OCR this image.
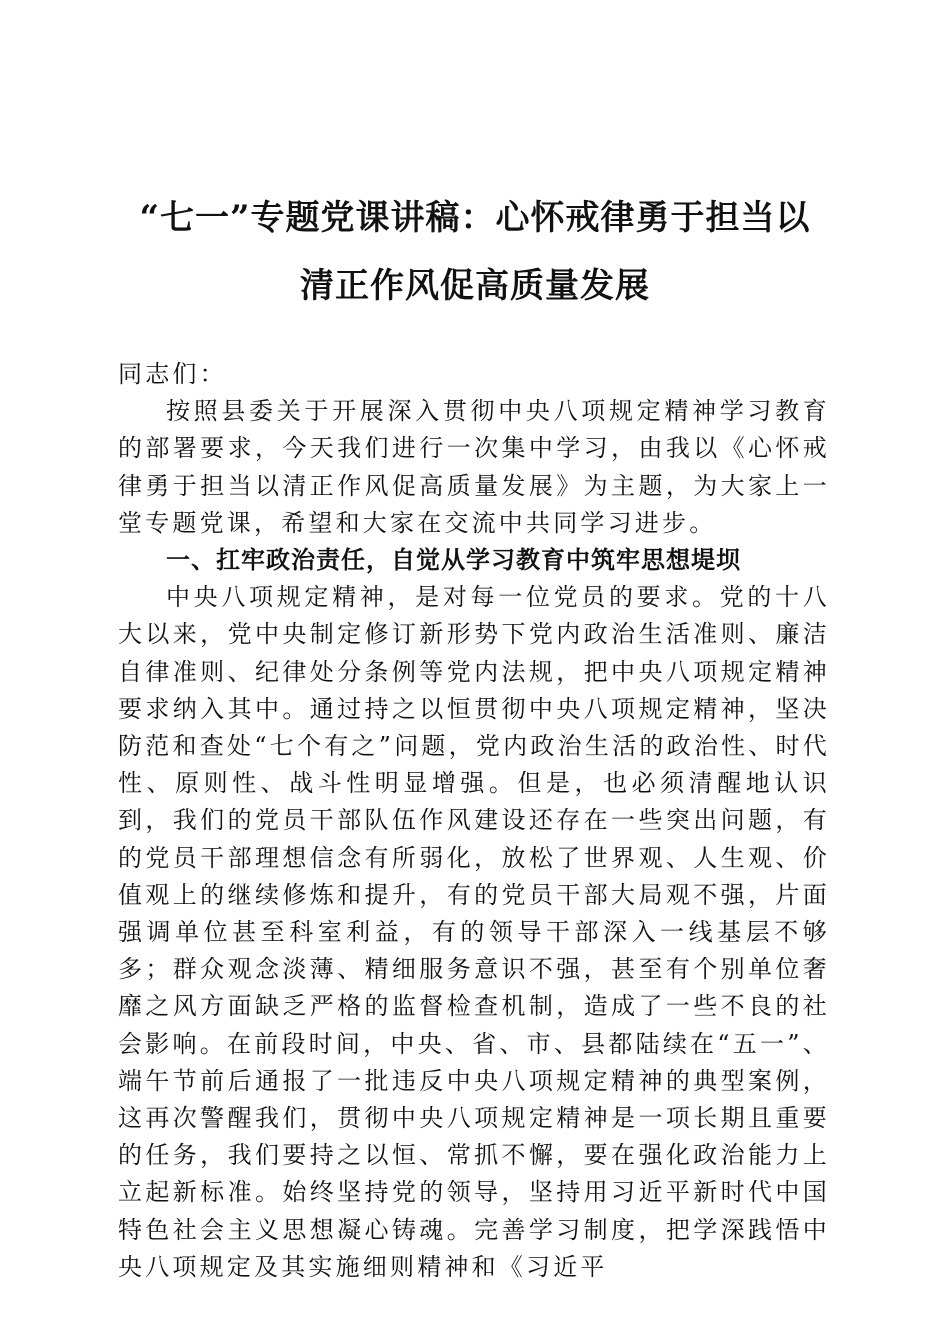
“七一”专题党课讲稿：心怀戒律勇于担当以
清正作风促高质量发展

同志们：

按照县委关于开展深入贯彻中央八项规定精神学习教育的部署要求，今天我们进行一次集中学习，由我以《心怀戒律勇于担当以清正作风促高质量发展》为主题，为大家上一堂专题党课，希望和大家在交流中共同学习进步。

一、扛牢政治责任，自觉从学习教育中筑牢思想堤坝

中央八项规定精神，是对每一位党员的要求。党的十八大以来，党中央制定修订新形势下党内政治生活准则、廉洁自律准则、纪律处分条例等党内法规，把中央八项规定精神要求纳入其中。通过持之以恒贯彻中央八项规定精神，坚决防范和查处“七个有之”问题，党内政治生活的政治性、时代性、原则性、战斗性明显增强。但是，也必须清醒地认识到，我们的党员干部队伍作风建设还存在一些突出问题，有的党员干部理想信念有所弱化，放松了世界观、人生观、价值观上的继续修炼和提升，有的党员干部大局观不强，片面强调单位甚至科室利益，有的领导干部深入一线基层不够多；群众观念淡薄、精细服务意识不强，甚至有个别单位奢靡之风方面缺乏严格的监督检查机制，造成了一些不良的社会影响。在前段时间，中央、省、市、县都陆续在“五一”、端午节前后通报了一批违反中央八项规定精神的典型案例，这再次警醒我们，贯彻中央八项规定精神是一项长期且重要的任务，我们要持之以恒、常抓不懈，要在强化政治能力上立起新标准。始终坚持党的领导，坚持用习近平新时代中国特色社会主义思想凝心铸魂。完善学习制度，把学深践悟中央八项规定及其实施细则精神和《习近平
